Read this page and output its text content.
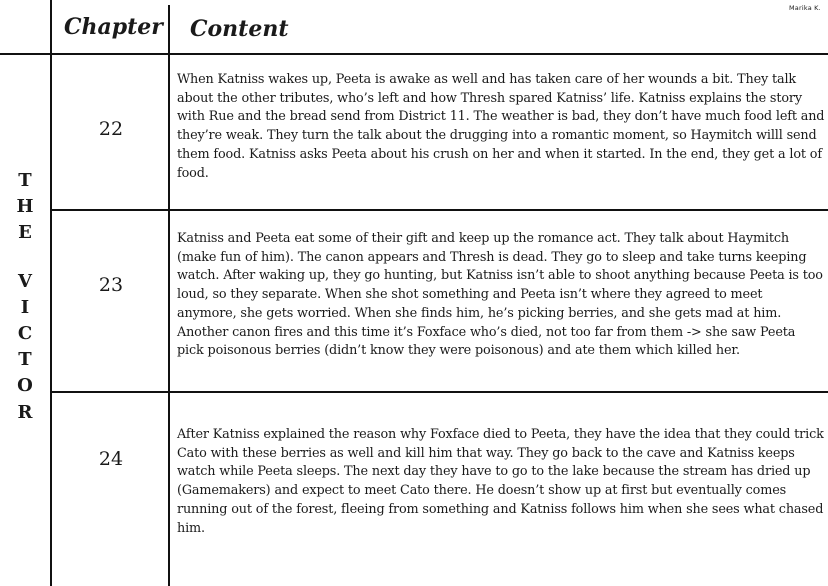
Marika K.
Chapter Content
T
H
E
V
I
C
T
O
R
22

When Katniss wakes up, Peeta is awake as well and has taken care of her wounds a bit. They talk about the other tributes, who’s left and how Thresh spared Katniss’ life. Katniss explains the story with Rue and the bread send from District 11. The weather is bad, they don’t have much food left and they’re weak. They turn the talk about the drugging into a romantic moment, so Haymitch willl send them food. Katniss asks Peeta about his crush on her and when it started. In the end, they get a lot of food.

23

Katniss and Peeta eat some of their gift and keep up the romance act. They talk about Haymitch (make fun of him). The canon appears and Thresh is dead. They go to sleep and take turns keeping watch. After waking up, they go hunting, but Katniss isn’t able to shoot anything because Peeta is too loud, so they separate. When she shot something and Peeta isn’t where they agreed to meet anymore, she gets worried. When she finds him, he’s picking berries, and she gets mad at him. Another canon fires and this time it’s Foxface who’s died, not too far from them -> she saw Peeta pick poisonous berries (didn’t know they were poisonous) and ate them which killed her.

24

After Katniss explained the reason why Foxface died to Peeta, they have the idea that they could trick Cato with these berries as well and kill him that way. They go back to the cave and Katniss keeps watch while Peeta sleeps. The next day they have to go to the lake because the stream has dried up (Gamemakers) and expect to meet Cato there. He doesn’t show up at first but eventually comes running out of the forest, fleeing from something and Katniss follows him when she sees what chased him.
